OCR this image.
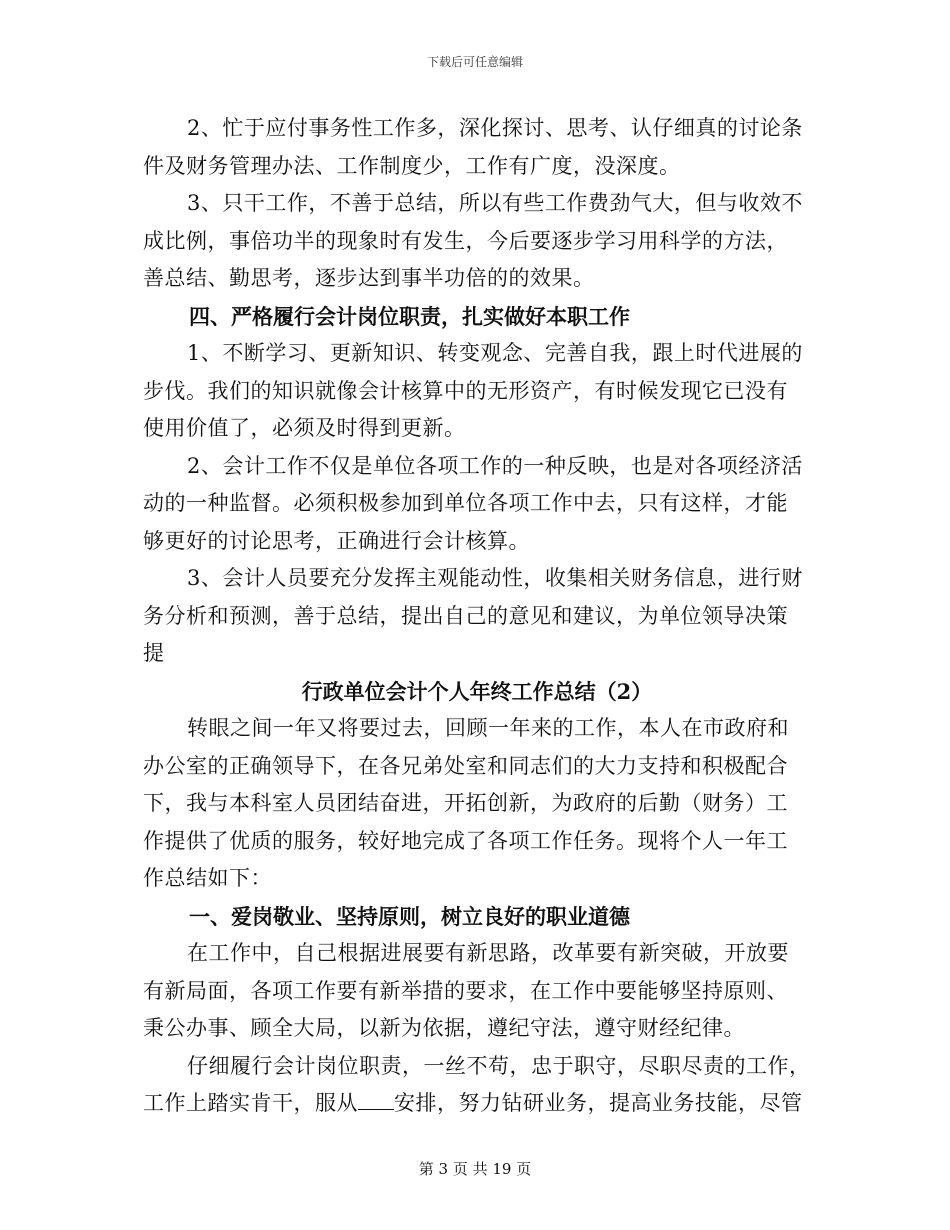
下载后可任意编辑

2、忙于应付事务性工作多，深化探讨、思考、认仔细真的讨论条
件及财务管理办法、工作制度少，工作有广度，没深度。

3、只干工作，不善于总结，所以有些工作费劲气大，但与收效不
成比例，事倍功半的现象时有发生，今后要逐步学习用科学的方法，
善总结、勤思考，逐步达到事半功倍的的效果。

四、严格履行会计岗位职责，扎实做好本职工作

1、不断学习、更新知识、转变观念、完善自我，跟上时代进展的
步伐。我们的知识就像会计核算中的无形资产，有时候发现它已没有
使用价值了，必须及时得到更新。

2、会计工作不仅是单位各项工作的一种反映，也是对各项经济活
动的一种监督。必须积极参加到单位各项工作中去，只有这样，才能
够更好的讨论思考，正确进行会计核算。

3、会计人员要充分发挥主观能动性，收集相关财务信息，进行财
务分析和预测，善于总结，提出自己的意见和建议，为单位领导决策
提

行政单位会计个人年终工作总结（2）

转眼之间一年又将要过去，回顾一年来的工作，本人在市政府和
办公室的正确领导下，在各兄弟处室和同志们的大力支持和积极配合
下，我与本科室人员团结奋进，开拓创新，为政府的后勤（财务）工
作提供了优质的服务，较好地完成了各项工作任务。现将个人一年工
作总结如下：

一、爱岗敬业、坚持原则，树立良好的职业道德

在工作中，自己根据进展要有新思路，改革要有新突破，开放要
有新局面，各项工作要有新举措的要求，在工作中要能够坚持原则、
秉公办事、顾全大局，以新为依据，遵纪守法，遵守财经纪律。

仔细履行会计岗位职责，一丝不苟，忠于职守，尽职尽责的工作，
工作上踏实肯干，服从 安排，努力钻研业务，提高业务技能，尽管

第 3 页 共 19 页
